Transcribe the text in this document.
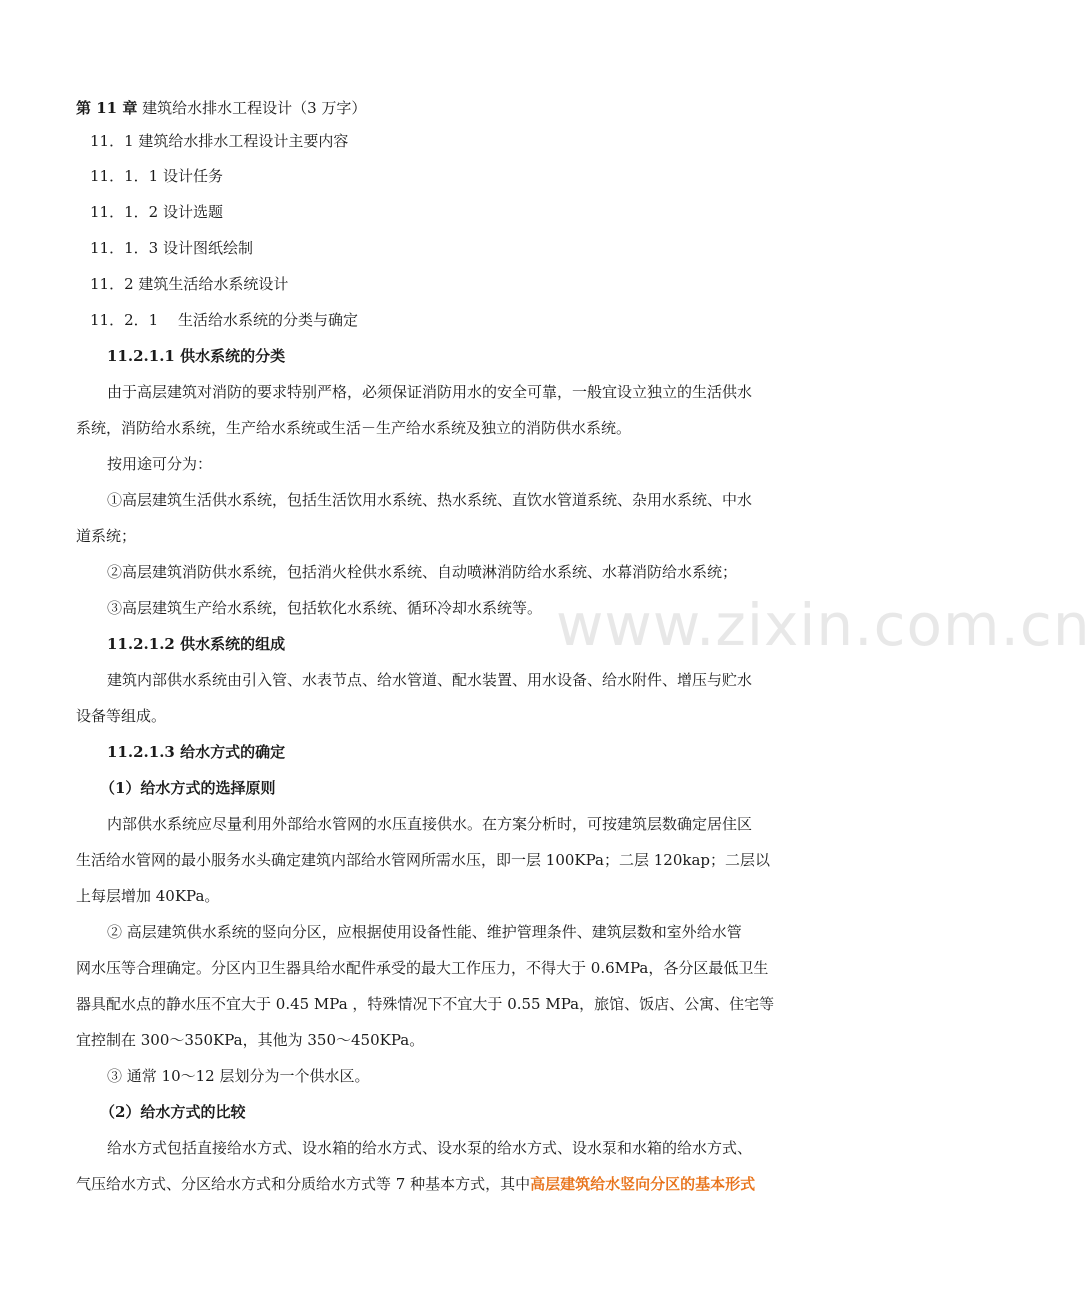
www.zixin.com.cn
第 11 章 建筑给水排水工程设计（3 万字）
11．1 建筑给水排水工程设计主要内容
11．1．1 设计任务
11．1．2 设计选题
11．1．3 设计图纸绘制
11．2 建筑生活给水系统设计
11．2．1　 生活给水系统的分类与确定
11.2.1.1 供水系统的分类
由于高层建筑对消防的要求特别严格，必须保证消防用水的安全可靠，一般宜设立独立的生活供水
系统，消防给水系统，生产给水系统或生活－生产给水系统及独立的消防供水系统。
按用途可分为：
①高层建筑生活供水系统，包括生活饮用水系统、热水系统、直饮水管道系统、杂用水系统、中水
道系统；
②高层建筑消防供水系统，包括消火栓供水系统、自动喷淋消防给水系统、水幕消防给水系统；
③高层建筑生产给水系统，包括软化水系统、循环冷却水系统等。
11.2.1.2 供水系统的组成
建筑内部供水系统由引入管、水表节点、给水管道、配水装置、用水设备、给水附件、增压与贮水
设备等组成。
11.2.1.3 给水方式的确定
（1）给水方式的选择原则
内部供水系统应尽量利用外部给水管网的水压直接供水。在方案分析时，可按建筑层数确定居住区
生活给水管网的最小服务水头确定建筑内部给水管网所需水压，即一层 100KPa；二层 120kap；二层以
上每层增加 40KPa。
② 高层建筑供水系统的竖向分区，应根据使用设备性能、维护管理条件、建筑层数和室外给水管
网水压等合理确定。分区内卫生器具给水配件承受的最大工作压力，不得大于 0.6MPa，各分区最低卫生
器具配水点的静水压不宜大于 0.45 MPa ，特殊情况下不宜大于 0.55 MPa，旅馆、饭店、公寓、住宅等
宜控制在 300～350KPa，其他为 350～450KPa。
③ 通常 10～12 层划分为一个供水区。
（2）给水方式的比较
给水方式包括直接给水方式、设水箱的给水方式、设水泵的给水方式、设水泵和水箱的给水方式、
气压给水方式、分区给水方式和分质给水方式等 7 种基本方式，其中高层建筑给水竖向分区的基本形式
